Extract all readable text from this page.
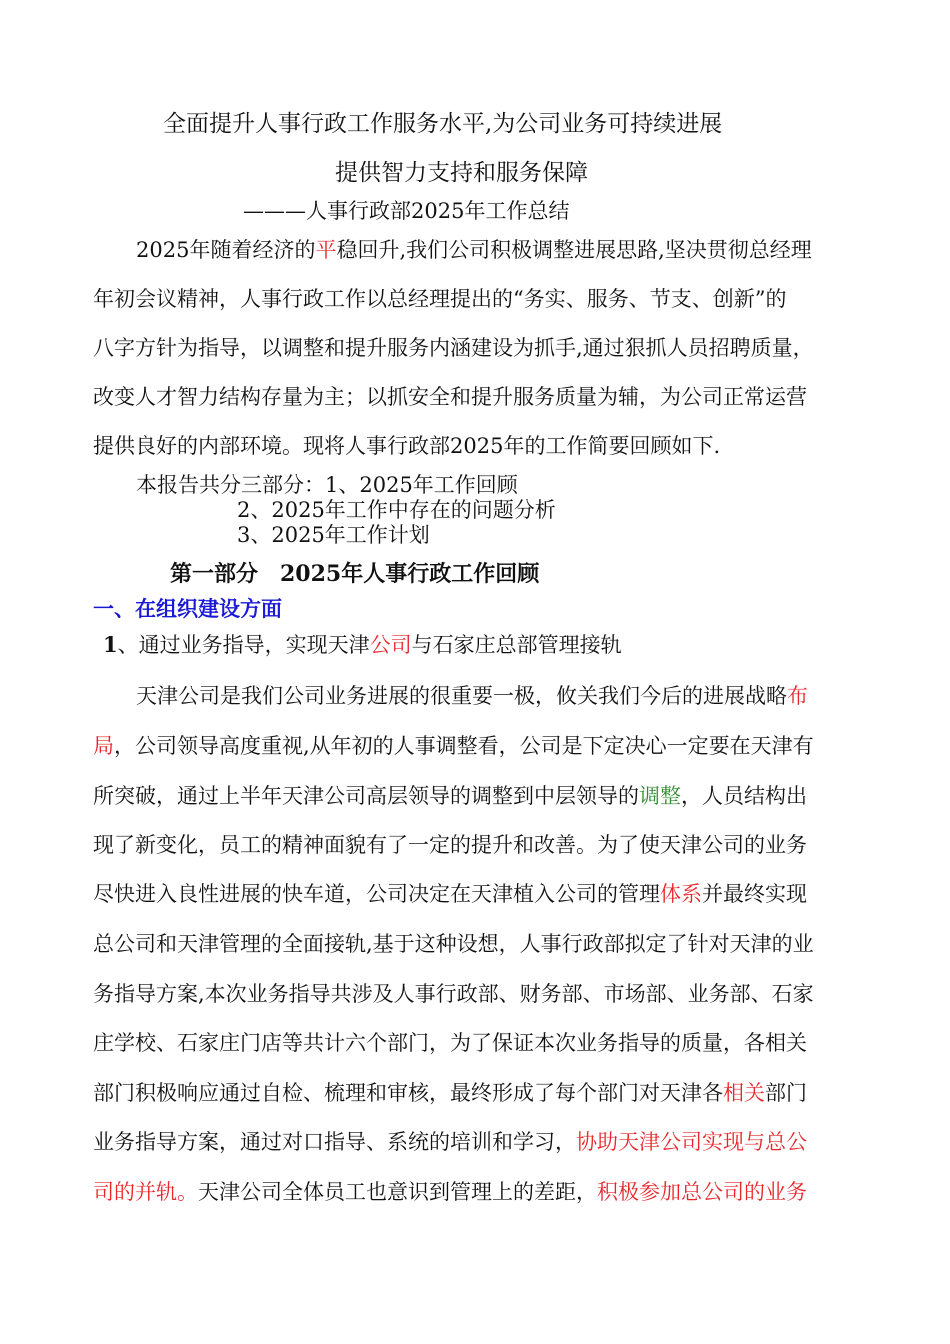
全面提升人事行政工作服务水平,为公司业务可持续进展
提供智力支持和服务保障
———人事行政部2025年工作总结
2025年随着经济的平稳回升,我们公司积极调整进展思路,坚决贯彻总经理
年初会议精神，人事行政工作以总经理提出的“务实、服务、节支、创新”的
八字方针为指导，以调整和提升服务内涵建设为抓手,通过狠抓人员招聘质量，
改变人才智力结构存量为主；以抓安全和提升服务质量为辅，为公司正常运营
提供良好的内部环境。现将人事行政部2025年的工作简要回顾如下.
本报告共分三部分：1、2025年工作回顾
2、2025年工作中存在的问题分析
3、2025年工作计划
第一部分　2025年人事行政工作回顾
一、在组织建设方面
1、通过业务指导，实现天津公司与石家庄总部管理接轨
天津公司是我们公司业务进展的很重要一极，攸关我们今后的进展战略布
局，公司领导高度重视,从年初的人事调整看，公司是下定决心一定要在天津有
所突破，通过上半年天津公司高层领导的调整到中层领导的调整，人员结构出
现了新变化，员工的精神面貌有了一定的提升和改善。为了使天津公司的业务
尽快进入良性进展的快车道，公司决定在天津植入公司的管理体系并最终实现
总公司和天津管理的全面接轨,基于这种设想，人事行政部拟定了针对天津的业
务指导方案,本次业务指导共涉及人事行政部、财务部、市场部、业务部、石家
庄学校、石家庄门店等共计六个部门，为了保证本次业务指导的质量，各相关
部门积极响应通过自检、梳理和审核，最终形成了每个部门对天津各相关部门
业务指导方案，通过对口指导、系统的培训和学习，协助天津公司实现与总公
司的并轨。天津公司全体员工也意识到管理上的差距，积极参加总公司的业务
